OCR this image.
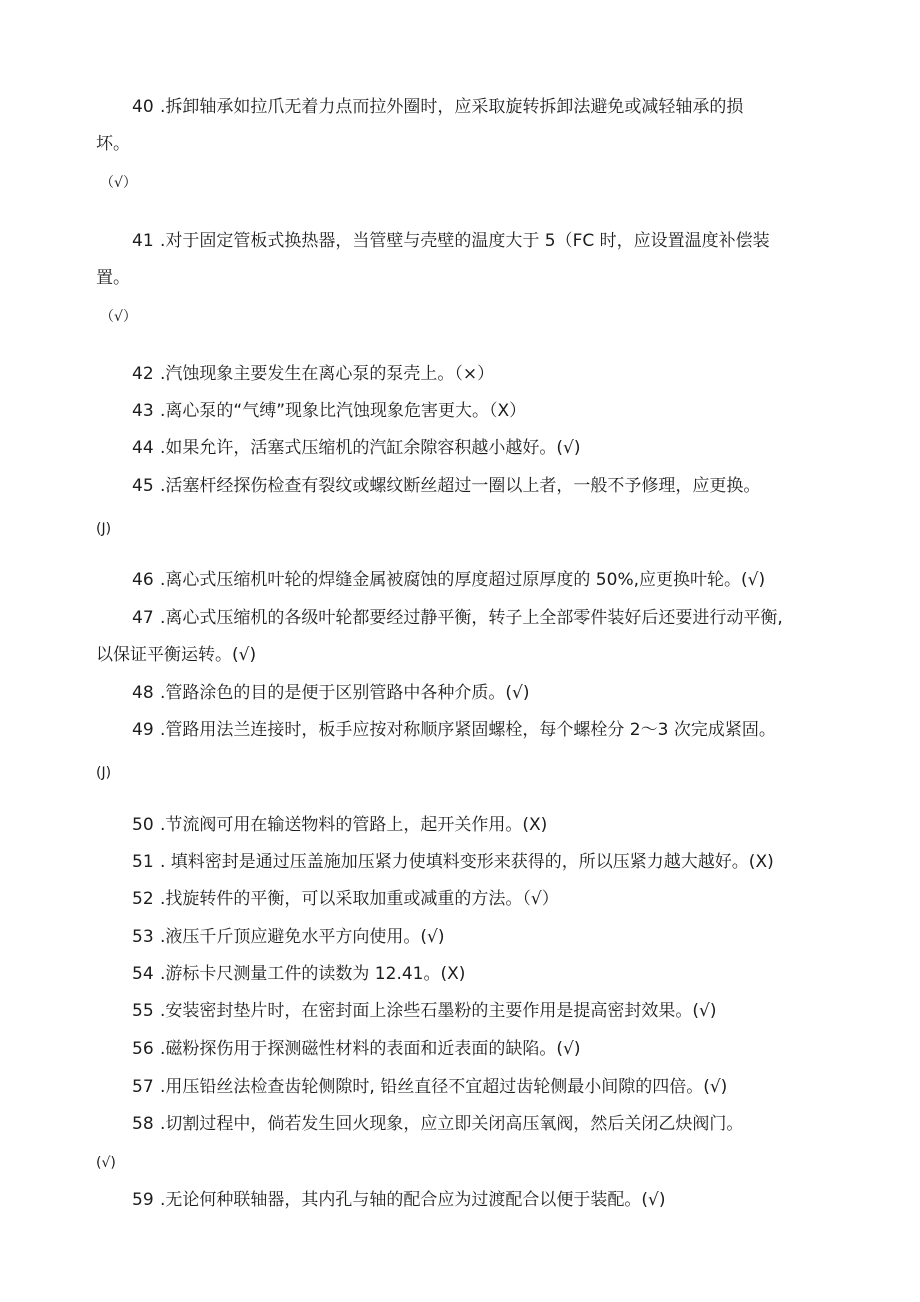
40 .拆卸轴承如拉爪无着力点而拉外圈时，应采取旋转拆卸法避免或减轻轴承的损
坏。
（√）
41 .对于固定管板式换热器，当管壁与壳壁的温度大于 5（FC 时，应设置温度补偿装
置。
（√）
42 .汽蚀现象主要发生在离心泵的泵壳上。（×）
43 .离心泵的“气缚”现象比汽蚀现象危害更大。（X）
44 .如果允许，活塞式压缩机的汽缸余隙容积越小越好。(√)
45 .活塞杆经探伤检查有裂纹或螺纹断丝超过一圈以上者，一般不予修理，应更换。
(J)
46 .离心式压缩机叶轮的焊缝金属被腐蚀的厚度超过原厚度的 50%,应更换叶轮。(√)
47 .离心式压缩机的各级叶轮都要经过静平衡，转子上全部零件装好后还要进行动平衡,
以保证平衡运转。(√)
48 .管路涂色的目的是便于区别管路中各种介质。(√)
49 .管路用法兰连接时，板手应按对称顺序紧固螺栓，每个螺栓分 2～3 次完成紧固。
(J)
50 .节流阀可用在输送物料的管路上，起开关作用。(X)
51 . 填料密封是通过压盖施加压紧力使填料变形来获得的，所以压紧力越大越好。(X)
52 .找旋转件的平衡，可以采取加重或减重的方法。（√）
53 .液压千斤顶应避免水平方向使用。(√)
54 .游标卡尺测量工件的读数为 12.41。(X)
55 .安装密封垫片时，在密封面上涂些石墨粉的主要作用是提高密封效果。(√)
56 .磁粉探伤用于探测磁性材料的表面和近表面的缺陷。(√)
57 .用压铅丝法检查齿轮侧隙时, 铅丝直径不宜超过齿轮侧最小间隙的四倍。(√)
58 .切割过程中，倘若发生回火现象，应立即关闭高压氧阀，然后关闭乙炔阀门。
(√)
59 .无论何种联轴器，其内孔与轴的配合应为过渡配合以便于装配。(√)
